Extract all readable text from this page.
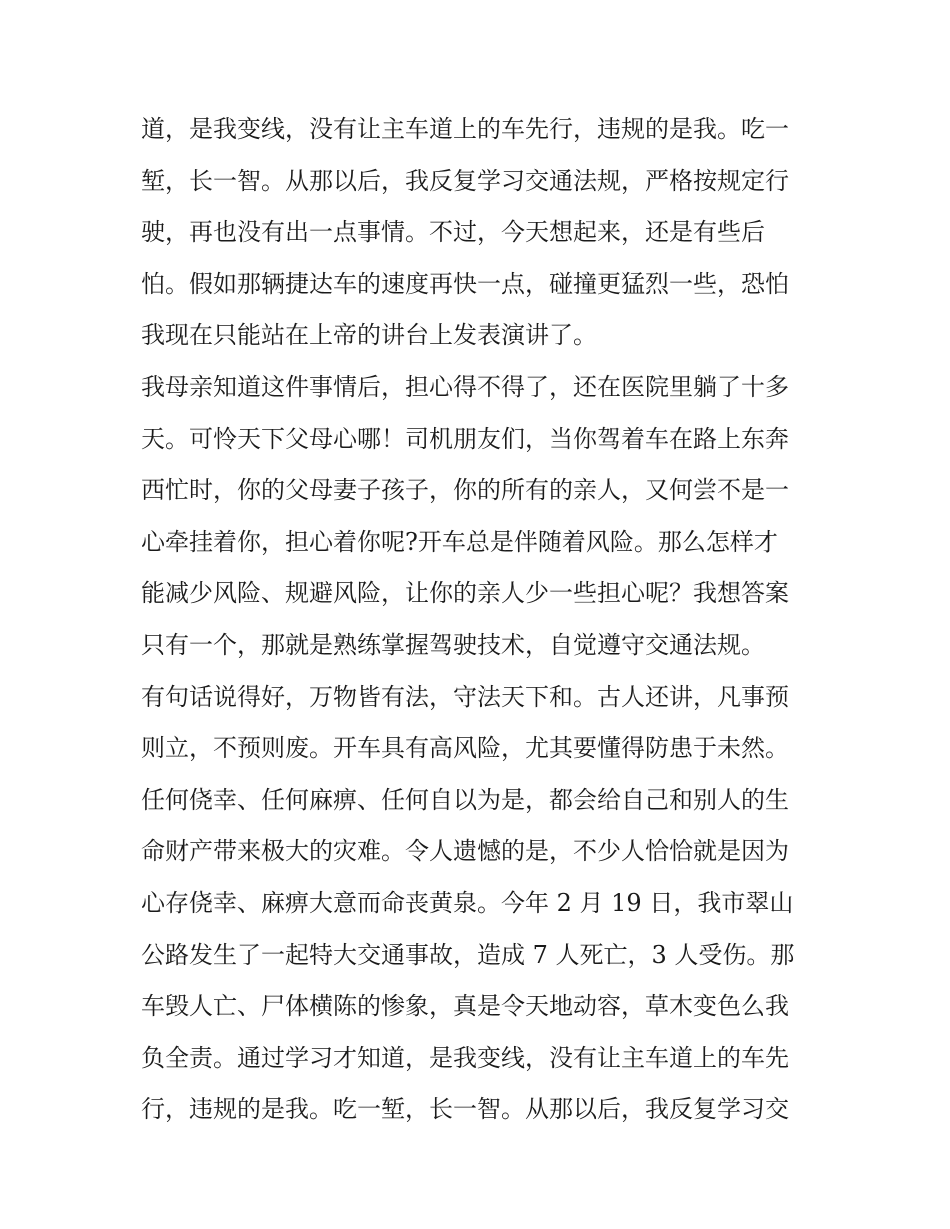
道，是我变线，没有让主车道上的车先行，违规的是我。吃一
堑，长一智。从那以后，我反复学习交通法规，严格按规定行
驶，再也没有出一点事情。不过，今天想起来，还是有些后
怕。假如那辆捷达车的速度再快一点，碰撞更猛烈一些，恐怕
我现在只能站在上帝的讲台上发表演讲了。
我母亲知道这件事情后，担心得不得了，还在医院里躺了十多
天。可怜天下父母心哪！司机朋友们，当你驾着车在路上东奔
西忙时，你的父母妻子孩子，你的所有的亲人，又何尝不是一
心牵挂着你，担心着你呢?开车总是伴随着风险。那么怎样才
能减少风险、规避风险，让你的亲人少一些担心呢？我想答案
只有一个，那就是熟练掌握驾驶技术，自觉遵守交通法规。
有句话说得好，万物皆有法，守法天下和。古人还讲，凡事预
则立，不预则废。开车具有高风险，尤其要懂得防患于未然。
任何侥幸、任何麻痹、任何自以为是，都会给自己和别人的生
命财产带来极大的灾难。令人遗憾的是，不少人恰恰就是因为
心存侥幸、麻痹大意而命丧黄泉。今年 2 月 19 日，我市翠山
公路发生了一起特大交通事故，造成 7 人死亡，3 人受伤。那
车毁人亡、尸体横陈的惨象，真是令天地动容，草木变色么我
负全责。通过学习才知道，是我变线，没有让主车道上的车先
行，违规的是我。吃一堑，长一智。从那以后，我反复学习交
